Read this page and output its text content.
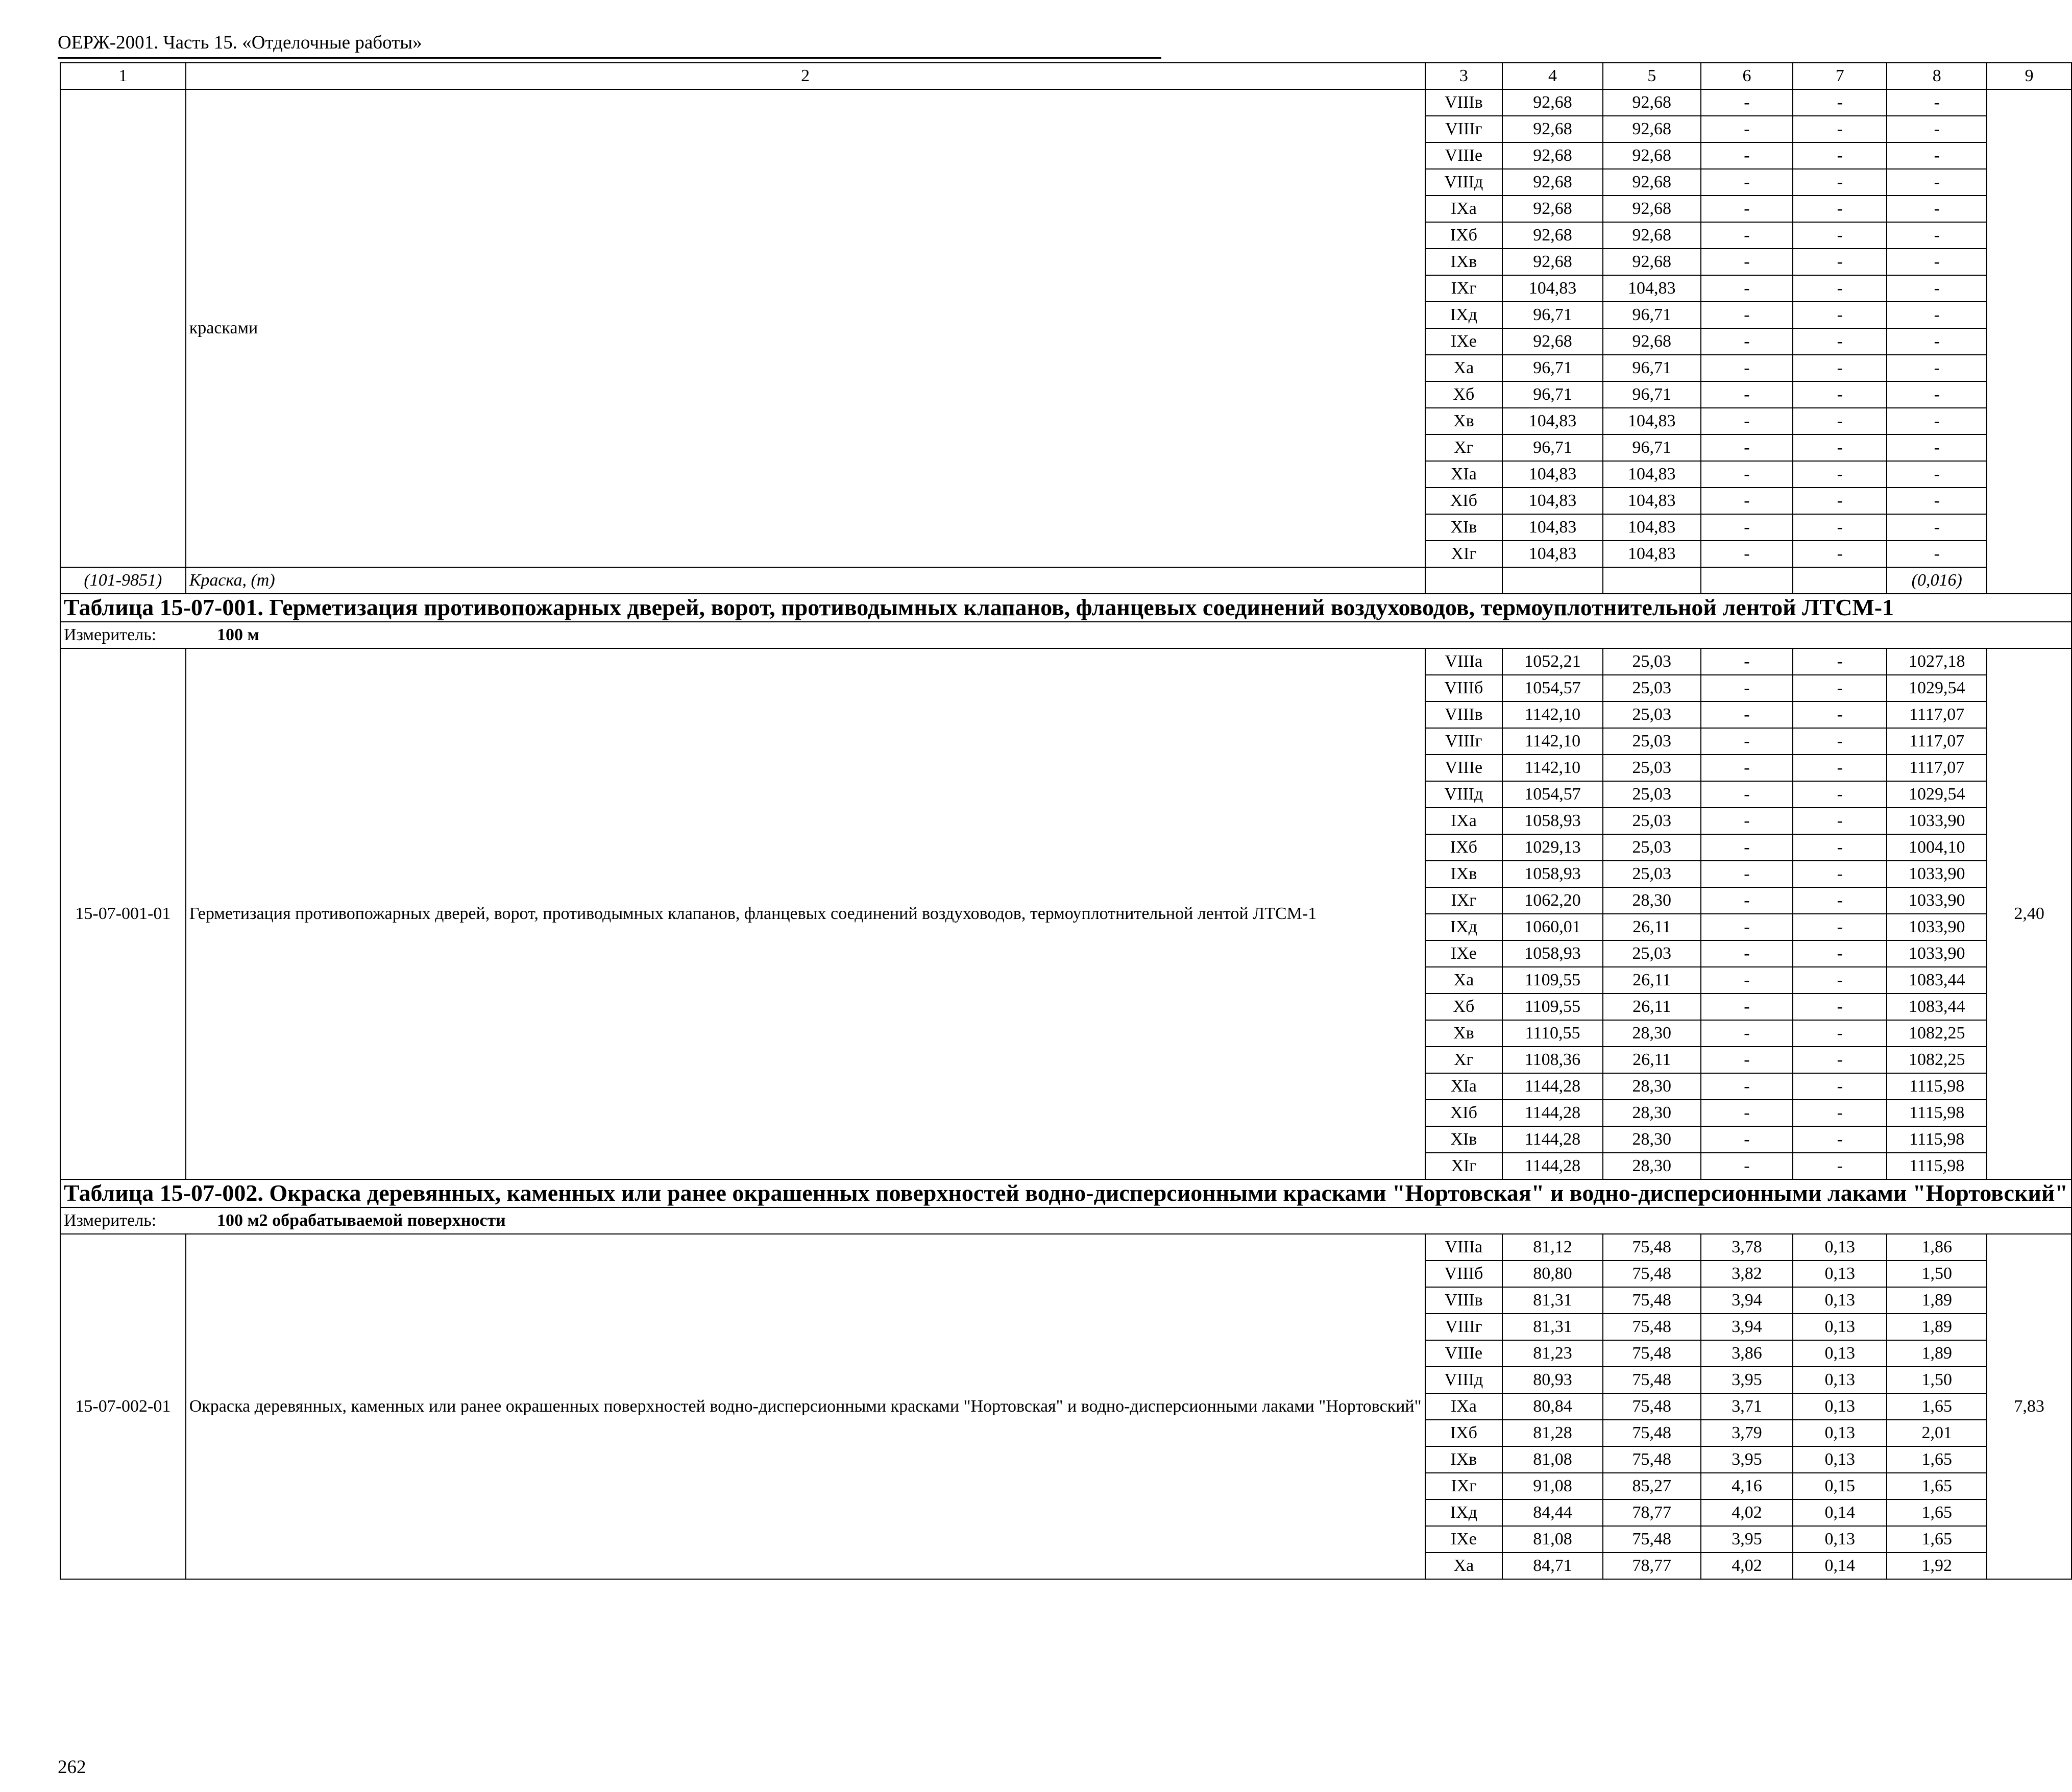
ОЕРЖ-2001. Часть 15. «Отделочные работы»
1	2	3	4	5	6	7	8	9
	красками	VIIIв	92,68	92,68	-	-	-	
		VIIIг	92,68	92,68	-	-	-	
		VIIIе	92,68	92,68	-	-	-	
		VIIIд	92,68	92,68	-	-	-	
		IXа	92,68	92,68	-	-	-	
		IXб	92,68	92,68	-	-	-	
		IXв	92,68	92,68	-	-	-	
		IXг	104,83	104,83	-	-	-	
		IXд	96,71	96,71	-	-	-	
		IXе	92,68	92,68	-	-	-	
		Xа	96,71	96,71	-	-	-	
		Xб	96,71	96,71	-	-	-	
		Xв	104,83	104,83	-	-	-	
		Xг	96,71	96,71	-	-	-	
		XIа	104,83	104,83	-	-	-	
		XIб	104,83	104,83	-	-	-	
		XIв	104,83	104,83	-	-	-	
		XIг	104,83	104,83	-	-	-	
(101-9851)	Краска, (т)						(0,016)	
Таблица 15-07-001. Герметизация противопожарных дверей, ворот, противодымных клапанов, фланцевых соединений воздуховодов, термоуплотнительной лентой ЛТСМ-1								
Измеритель: 100 м								
15-07-001-01	Герметизация противопожарных дверей, ворот, противодымных клапанов, фланцевых соединений воздуховодов, термоуплотнительной лентой ЛТСМ-1	VIIIа	1052,21	25,03	-	-	1027,18	2,40
		VIIIб	1054,57	25,03	-	-	1029,54	
		VIIIв	1142,10	25,03	-	-	1117,07	
		VIIIг	1142,10	25,03	-	-	1117,07	
		VIIIе	1142,10	25,03	-	-	1117,07	
		VIIIд	1054,57	25,03	-	-	1029,54	
		IXа	1058,93	25,03	-	-	1033,90	
		IXб	1029,13	25,03	-	-	1004,10	
		IXв	1058,93	25,03	-	-	1033,90	
		IXг	1062,20	28,30	-	-	1033,90	
		IXд	1060,01	26,11	-	-	1033,90	
		IXе	1058,93	25,03	-	-	1033,90	
		Xа	1109,55	26,11	-	-	1083,44	
		Xб	1109,55	26,11	-	-	1083,44	
		Xв	1110,55	28,30	-	-	1082,25	
		Xг	1108,36	26,11	-	-	1082,25	
		XIа	1144,28	28,30	-	-	1115,98	
		XIб	1144,28	28,30	-	-	1115,98	
		XIв	1144,28	28,30	-	-	1115,98	
		XIг	1144,28	28,30	-	-	1115,98	
Таблица 15-07-002. Окраска деревянных, каменных или ранее окрашенных поверхностей водно-дисперсионными красками "Нортовская" и водно-дисперсионными лаками "Нортовский"								
Измеритель: 100 м2 обрабатываемой поверхности								
15-07-002-01	Окраска деревянных, каменных или ранее окрашенных поверхностей водно-дисперсионными красками "Нортовская" и водно-дисперсионными лаками "Нортовский"	VIIIа	81,12	75,48	3,78	0,13	1,86	7,83
		VIIIб	80,80	75,48	3,82	0,13	1,50	
		VIIIв	81,31	75,48	3,94	0,13	1,89	
		VIIIг	81,31	75,48	3,94	0,13	1,89	
		VIIIе	81,23	75,48	3,86	0,13	1,89	
		VIIIд	80,93	75,48	3,95	0,13	1,50	
		IXа	80,84	75,48	3,71	0,13	1,65	
		IXб	81,28	75,48	3,79	0,13	2,01	
		IXв	81,08	75,48	3,95	0,13	1,65	
		IXг	91,08	85,27	4,16	0,15	1,65	
		IXд	84,44	78,77	4,02	0,14	1,65	
		IXе	81,08	75,48	3,95	0,13	1,65	
		Xа	84,71	78,77	4,02	0,14	1,92	
262
